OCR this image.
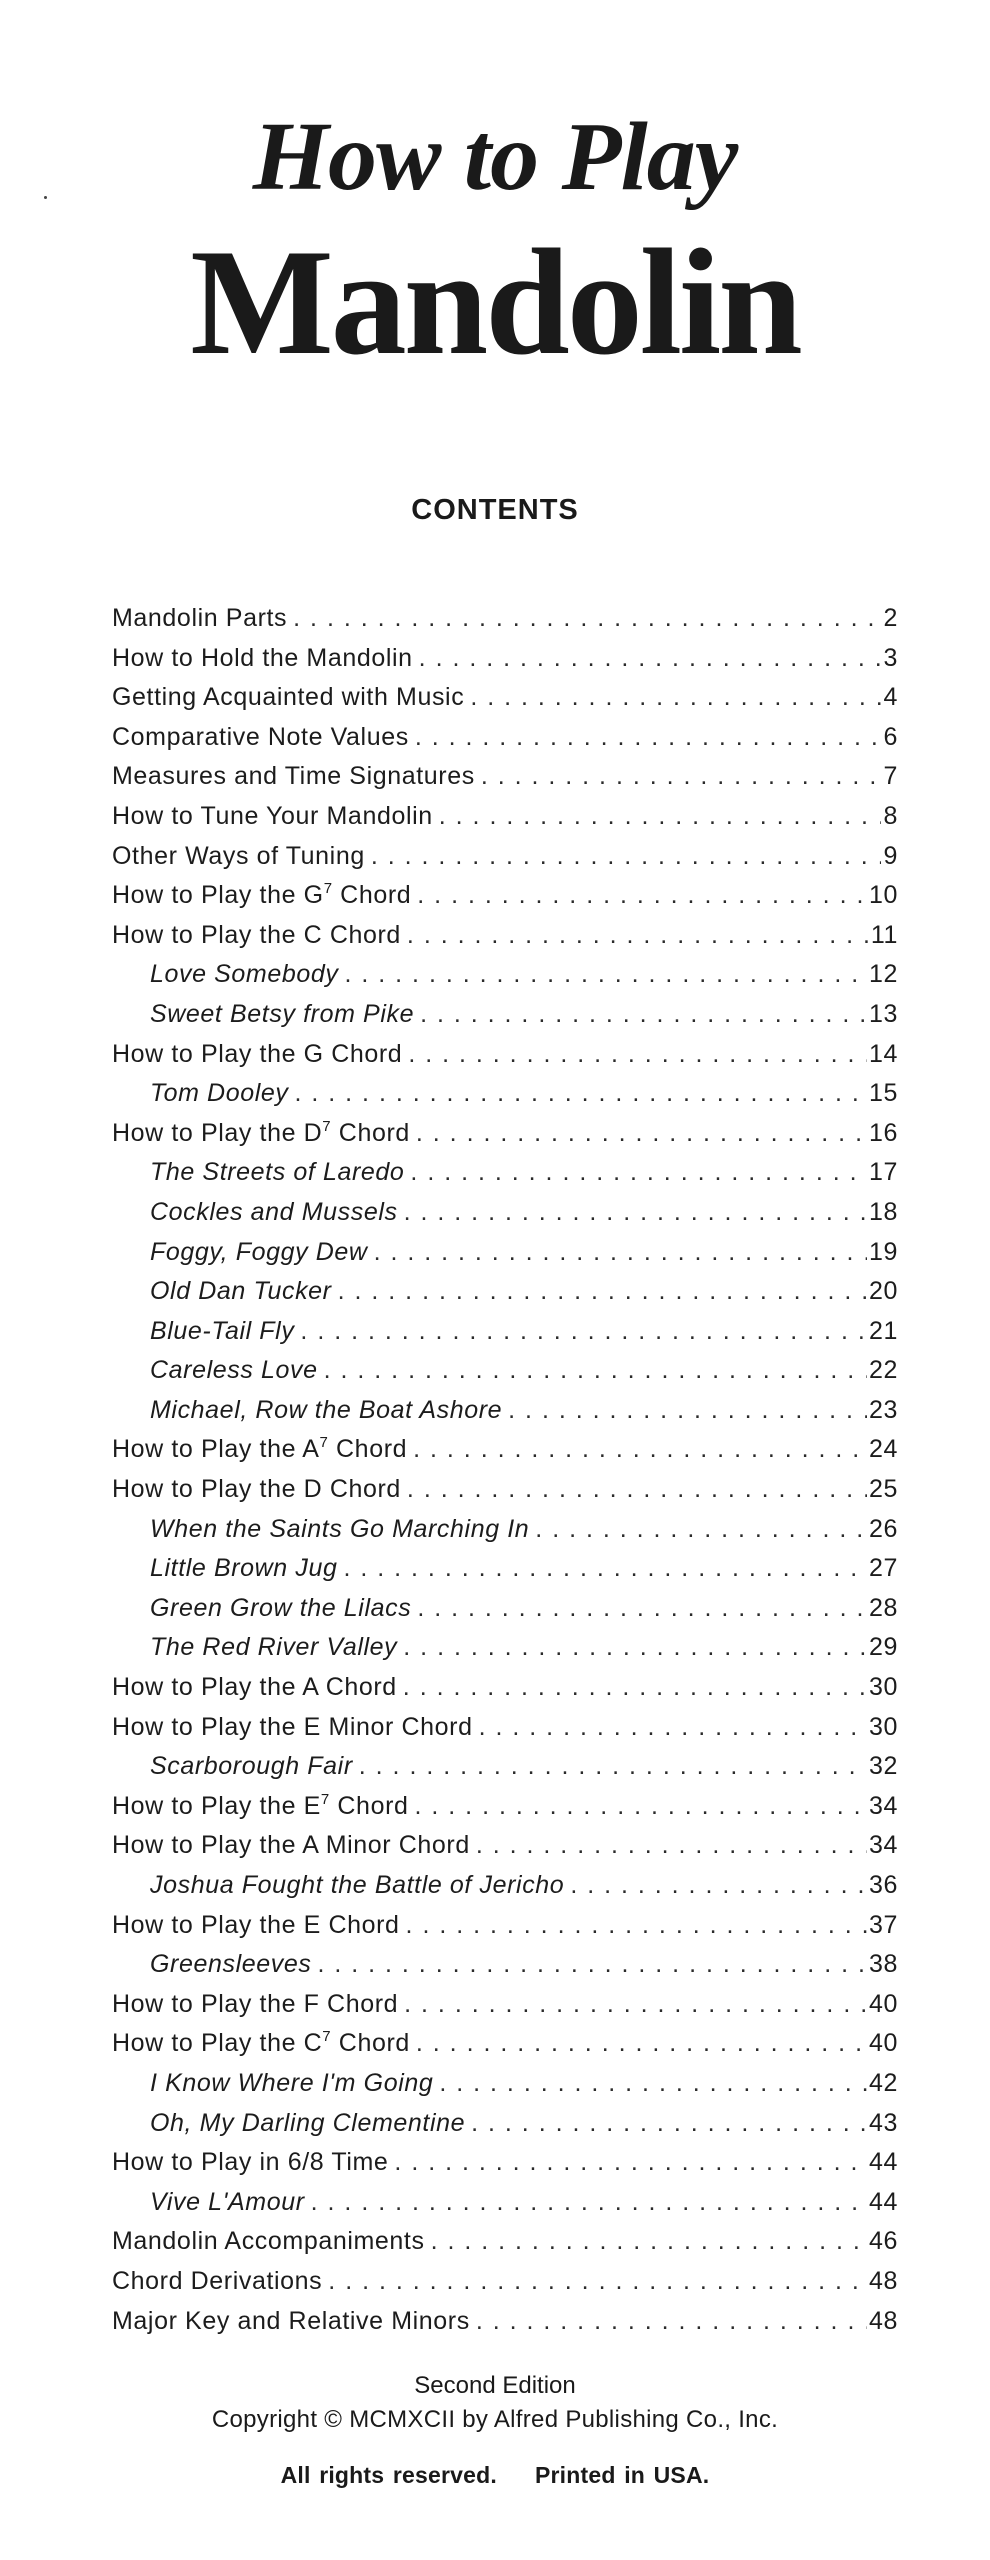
How to Play
Mandolin
CONTENTS
Mandolin Parts . . .	2
How to Hold the Mandolin . . .	3
Getting Acquainted with Music . . .	4
Comparative Note Values . . .	6
Measures and Time Signatures . . .	7
How to Tune Your Mandolin . . .	8
Other Ways of Tuning . . .	9
How to Play the $G^7$ Chord . . .	10
How to Play the C Chord . . .	11
Love Somebody . . .	12
Sweet Betsy from Pike . . .	13
How to Play the G Chord . . .	14
Tom Dooley . . .	15
How to Play the $D^7$ Chord . . .	16
The Streets of Laredo . . .	17
Cockles and Mussels . . .	18
Foggy, Foggy Dew . . .	19
Old Dan Tucker . . .	20
Blue-Tail Fly . . .	21
Careless Love . . .	22
Michael, Row the Boat Ashore . . .	23
How to Play the $A^7$ Chord . . .	24
How to Play the D Chord . . .	25
When the Saints Go Marching In . . .	26
Little Brown Jug . . .	27
Green Grow the Lilacs . . .	28
The Red River Valley . . .	29
How to Play the A Chord . . .	30
How to Play the E Minor Chord . . .	30
Scarborough Fair . . .	32
How to Play the $E^7$ Chord . . .	34
How to Play the A Minor Chord . . .	34
Joshua Fought the Battle of Jericho . . .	36
How to Play the E Chord . . .	37
Greensleeves . . .	38
How to Play the F Chord . . .	40
How to Play the $C^7$ Chord . . .	40
I Know Where I'm Going . . .	42
Oh, My Darling Clementine . . .	43
How to Play in 6/8 Time . . .	44
Vive L'Amour . . .	44
Mandolin Accompaniments . . .	46
Chord Derivations . . .	48
Major Key and Relative Minors . . .	48
Second Edition
Copyright © MCMXCII by Alfred Publishing Co., Inc.
All rights reserved. Printed in USA.
